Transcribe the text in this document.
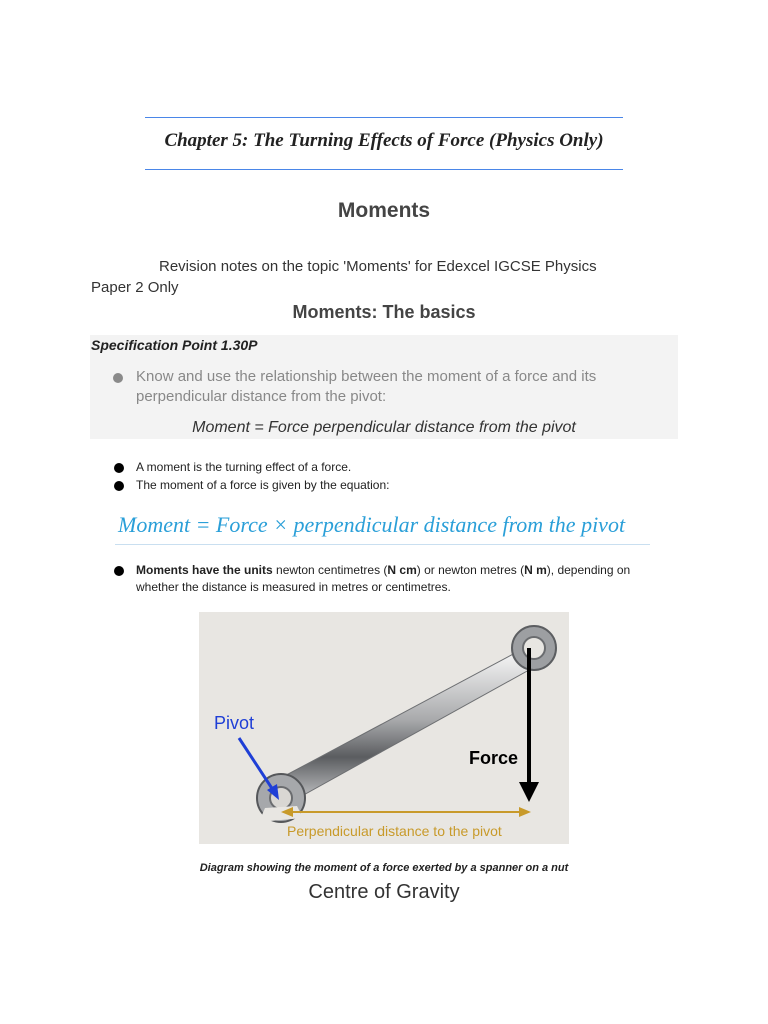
Chapter 5: The Turning Effects of Force (Physics Only)
Moments
Revision notes on the topic 'Moments' for Edexcel IGCSE Physics
Paper 2 Only
Moments: The basics
Specification Point 1.30P
Know and use the relationship between the moment of a force and its perpendicular distance from the pivot:
Moment = Force perpendicular distance from the pivot
A moment is the turning effect of a force.
The moment of a force is given by the equation:
Moment = Force × perpendicular distance from the pivot
Moments have the units newton centimetres (N cm) or newton metres (N m), depending on whether the distance is measured in metres or centimetres.
Pivot
Force
Perpendicular distance to the pivot
Diagram showing the moment of a force exerted by a spanner on a nut
Centre of Gravity
